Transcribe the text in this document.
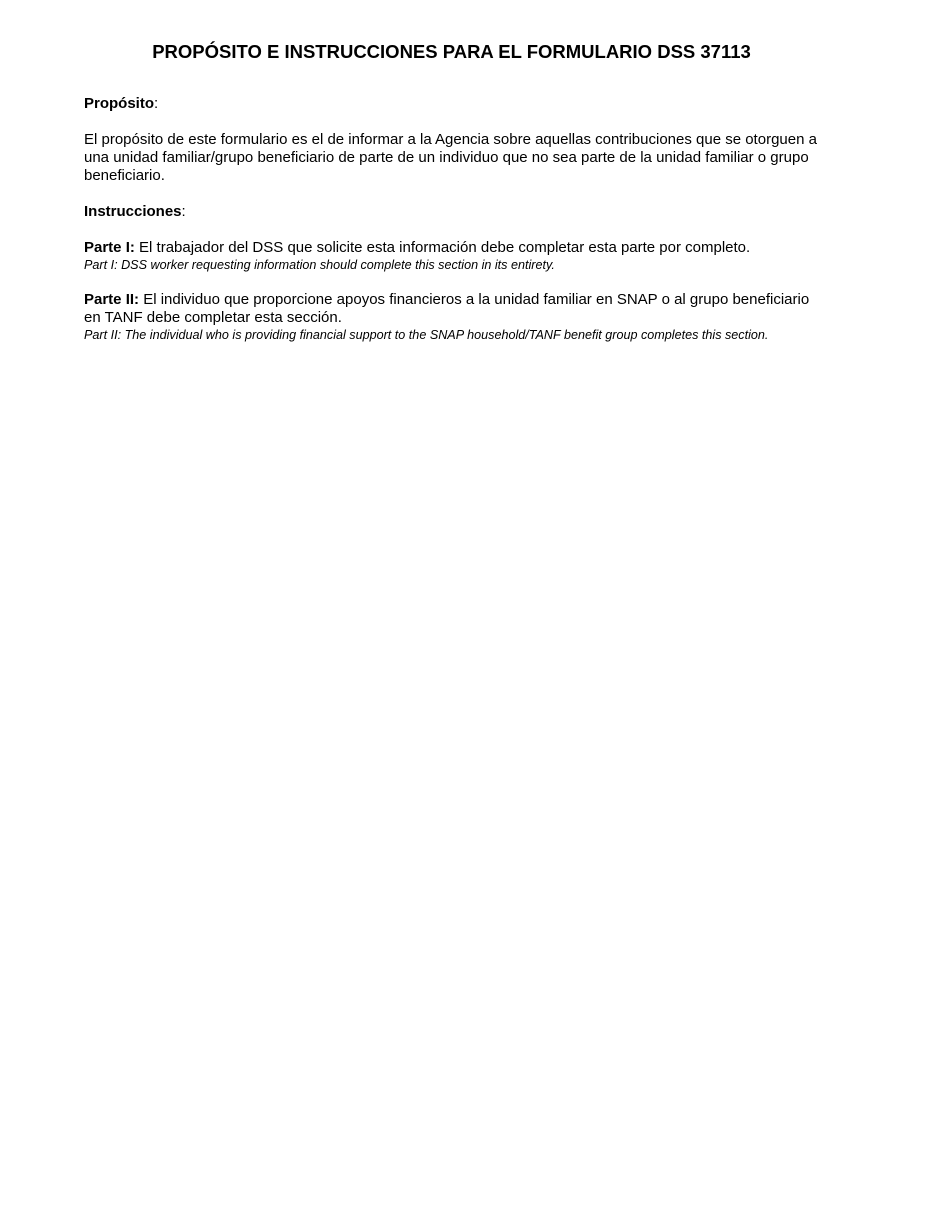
PROPÓSITO E INSTRUCCIONES PARA EL FORMULARIO DSS 37113

Propósito:

El propósito de este formulario es el de informar a la Agencia sobre aquellas contribuciones que se otorguen a una unidad familiar/grupo beneficiario de parte de un individuo que no sea parte de la unidad familiar o grupo beneficiario.

Instrucciones:

Parte I: El trabajador del DSS que solicite esta información debe completar esta parte por completo.

Part I: DSS worker requesting information should complete this section in its entirety.

Parte II: El individuo que proporcione apoyos financieros a la unidad familiar en SNAP o al grupo beneficiario en TANF debe completar esta sección.

Part II: The individual who is providing financial support to the SNAP household/TANF benefit group completes this section.
